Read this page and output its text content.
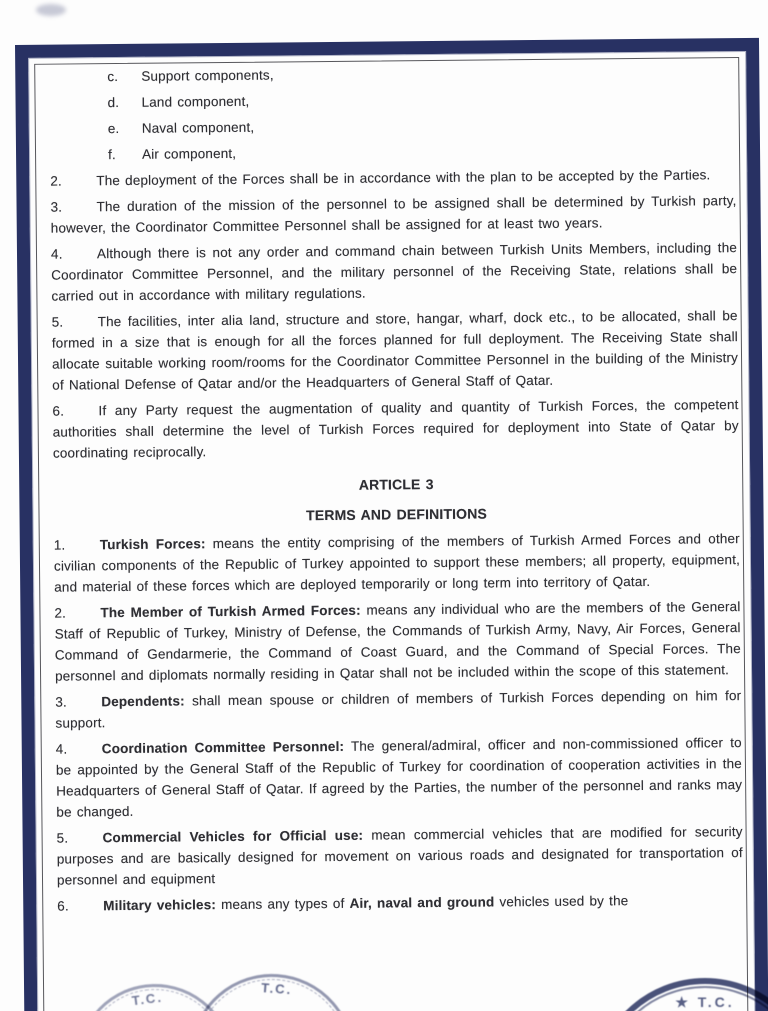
c. Support components,
d. Land component,
e. Naval component,
f. Air component,

2.	The deployment of the Forces shall be in accordance with the plan to be accepted by the Parties.

3.	The duration of the mission of the personnel to be assigned shall be determined by Turkish party, however, the Coordinator Committee Personnel shall be assigned for at least two years.

4.	Although there is not any order and command chain between Turkish Units Members, including the Coordinator Committee Personnel, and the military personnel of the Receiving State, relations shall be carried out in accordance with military regulations.

5.	The facilities, inter alia land, structure and store, hangar, wharf, dock etc., to be allocated, shall be formed in a size that is enough for all the forces planned for full deployment. The Receiving State shall allocate suitable working room/rooms for the Coordinator Committee Personnel in the building of the Ministry of National Defense of Qatar and/or the Headquarters of General Staff of Qatar.

6.	If any Party request the augmentation of quality and quantity of Turkish Forces, the competent authorities shall determine the level of Turkish Forces required for deployment into State of Qatar by coordinating reciprocally.

ARTICLE 3
TERMS AND DEFINITIONS

1.	Turkish Forces: means the entity comprising of the members of Turkish Armed Forces and other civilian components of the Republic of Turkey appointed to support these members; all property, equipment, and material of these forces which are deployed temporarily or long term into territory of Qatar.

2.	The Member of Turkish Armed Forces: means any individual who are the members of the General Staff of Republic of Turkey, Ministry of Defense, the Commands of Turkish Army, Navy, Air Forces, General Command of Gendarmerie, the Command of Coast Guard, and the Command of Special Forces. The personnel and diplomats normally residing in Qatar shall not be included within the scope of this statement.

3.	Dependents: shall mean spouse or children of members of Turkish Forces depending on him for support.

4.	Coordination Committee Personnel: The general/admiral, officer and non-commissioned officer to be appointed by the General Staff of the Republic of Turkey for coordination of cooperation activities in the Headquarters of General Staff of Qatar. If agreed by the Parties, the number of the personnel and ranks may be changed.

5.	Commercial Vehicles for Official use: mean commercial vehicles that are modified for security purposes and are basically designed for movement on various roads and designated for transportation of personnel and equipment

6.	Military vehicles: means any types of Air, naval and ground vehicles used by the

T.C.
T.C.
★ T.C.
